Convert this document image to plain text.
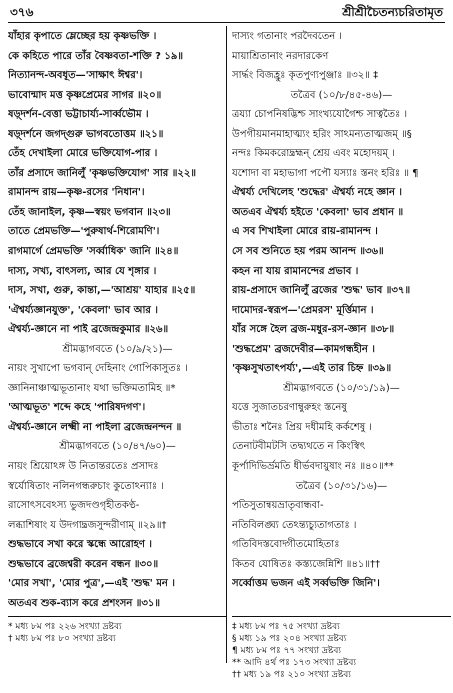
৩৭৬	শ্রীশ্রীচৈতন্যচরিতামৃত
যাঁহার কৃপাতে ম্লেচ্ছের হয় কৃষ্ণভক্তি ।
কে কহিতে পারে তাঁর বৈষ্ণবতা-শক্তি ? ১৯॥
নিত্যানন্দ-অবধূত—'সাক্ষাৎ ঈশ্বর'।
ভাবোন্মাদ মত্ত কৃষ্ণপ্রেমের সাগর ॥২০॥
ষড়্দর্শন-বেত্তা ভট্টাচার্য্য-সার্ব্বভৌম ।
ষড়্দর্শনে জগদ্গুরু ভাগবতোত্তম ॥২১॥
তেঁহ দেখাইলা মোরে ভক্তিযোগ-পার ।
তাঁর প্রসাদে জানিলুঁ 'কৃষ্ণভক্তিযোগ' সার ॥২২॥
রামানন্দ রায়—কৃষ্ণ-রসের 'নিধান'।
তেঁহ জানাইল, কৃষ্ণ—স্বয়ং ভগবান ॥২৩॥
তাতে প্রেমভক্তি—'পুরুষার্থ-শিরোমণি'।
রাগমার্গে প্রেমভক্তি 'সর্ব্বাধিক' জানি ॥২৪॥
দাস্য, সখ্য, বাৎসল্য, আর যে শৃঙ্গার ।
দাস, সখা, গুরু, কান্তা,—'আশ্রয়' যাহার ॥২৫॥
'ঐশ্বর্য্যজ্ঞানযুক্ত', 'কেবলা' ভাব আর ।
ঐশ্বর্য্য-জ্ঞানে না পাই ব্রজেন্দ্রকুমার ॥২৬॥
শ্রীমদ্ভাগবতে (১০/৯/২১)—
নায়ং সুখাপো ভগবান্ দেহিনাং গোপিকাসুতঃ ।
জ্ঞানিনাঞ্চাত্মভূতানাং যথা ভক্তিমতামিহ ॥*
'আত্মভূত' শব্দে কহে 'পারিষদগণ'।
ঐশ্বর্য্য-জ্ঞানে লক্ষ্মী না পাইলা ব্রজেন্দ্রনন্দন ॥
শ্রীমদ্ভাগবতে (১০/৪৭/৬০)—
নায়ং শ্রিয়োঽঙ্গ উ নিতান্তরতেঃ প্রসাদঃ
স্বর্যোষিতাং নলিনগন্ধরুচাং কুতোঽন্যাঃ ।
রাসোৎসবেঽস্য ভুজদণ্ডগৃহীতকণ্ঠ-
লব্ধাশিষাং য উদগাদ্ব্রজসুন্দরীণাম্ ॥২৯॥†
শুদ্ধভাবে সখা করে স্কন্ধে আরোহণ ।
শুদ্ধভাবে ব্রজেশ্বরী করেন বন্ধন ॥৩০॥
'মোর সখা', 'মোর পুত্র',—এই 'শুদ্ধ' মন ।
অতএব শুক-ব্যাস করে প্রশংসন ॥৩১॥
দাস্যং গতানাং পরদৈবতেন ।
মায়াশ্রিতানাং নরদারকেণ
সার্দ্ধং বিজহ্রুঃ কৃতপুণ্যপুঞ্জাঃ ॥৩২॥ ‡
তত্রৈব (১০/৮/৪৫-৪৬)—
ত্রয্যা চোপনিষদ্ভিশ্চ সাংখ্যযোগৈশ্চ সাত্বতৈঃ ।
উপগীয়মানমাহাত্ম্যং হরিং সাঽমন্যতাত্মজম্ ॥§
নন্দঃ কিমকরোদ্ব্রহ্মন্ শ্রেয় এবং মহোদয়ম্ ।
যশোদা বা মহাভাগা পপৌ যস্যাঃ স্তনং হরিঃ ॥ ¶
ঐশ্বর্য্য দেখিলেহ 'শুদ্ধের' ঐশ্বর্য্য নহে জ্ঞান ।
অতএব ঐশ্বর্য্য হইতে 'কেবলা' ভাব প্রধান ॥
এ সব শিখাইলা মোরে রায়-রামানন্দ ।
সে সব শুনিতে হয় পরম আনন্দ ॥৩৬॥
কহন না যায় রামানন্দের প্রভাব ।
রায়-প্রসাদে জানিলুঁ ব্রজের 'শুদ্ধ' ভাব ॥৩৭॥
দামোদর-স্বরূপ—'প্রেমরস' মূর্ত্তিমান ।
যাঁর সঙ্গে হৈল ব্রজ-মধুর-রস-জ্ঞান ॥৩৮॥
'শুদ্ধপ্রেম' ব্রজদেবীর—কামগন্ধহীন ।
'কৃষ্ণসুখতাৎপর্য্য',—এই তার চিহ্ন ॥৩৯॥
শ্রীমদ্ভাগবতে (১০/৩১/১৯)—
যত্তে সুজাতচরণাম্বুরুহং স্তনেষু
ভীতাঃ শনৈঃ প্রিয় দধীমহি কর্কশেষু ।
তেনাটবীমটসি তদ্ব্যথতে ন কিংস্বিৎ
কূর্পাদিভির্ভ্রমতি ধীর্ভবদায়ুষাং নঃ ॥৪০॥**
তত্রৈব (১০/৩১/১৬)—
পতিসুতান্বয়ভ্রাতৃবান্ধবা-
নতিবিলঙ্ঘ্য তেঽন্ত্যচ্যুতাগতাঃ ।
গতিবিদস্তবোদ্গীতমোহিতাঃ
কিতব যোষিতঃ কস্ত্যজেন্নিশি ॥৪১॥††
সর্ব্বোত্তম ভজন এই সর্ব্বভক্তি জিনি'।
* মধ্য ৮ম পঃ ২২৬ সংখ্যা দ্রষ্টব্য
† মধ্য ৮ম পঃ ৮০ সংখ্যা দ্রষ্টব্য
‡ মধ্য ৮ম পঃ ৭৫ সংখ্যা দ্রষ্টব্য
§ মধ্য ১৯ পঃ ২০৪ সংখ্যা দ্রষ্টব্য
¶ মধ্য ৮ম পঃ ৭৭ সংখ্যা দ্রষ্টব্য
** আদি ৪র্থ পঃ ১৭৩ সংখ্যা দ্রষ্টব্য
†† মধ্য ১৯ পঃ ২১০ সংখ্যা দ্রষ্টব্য
